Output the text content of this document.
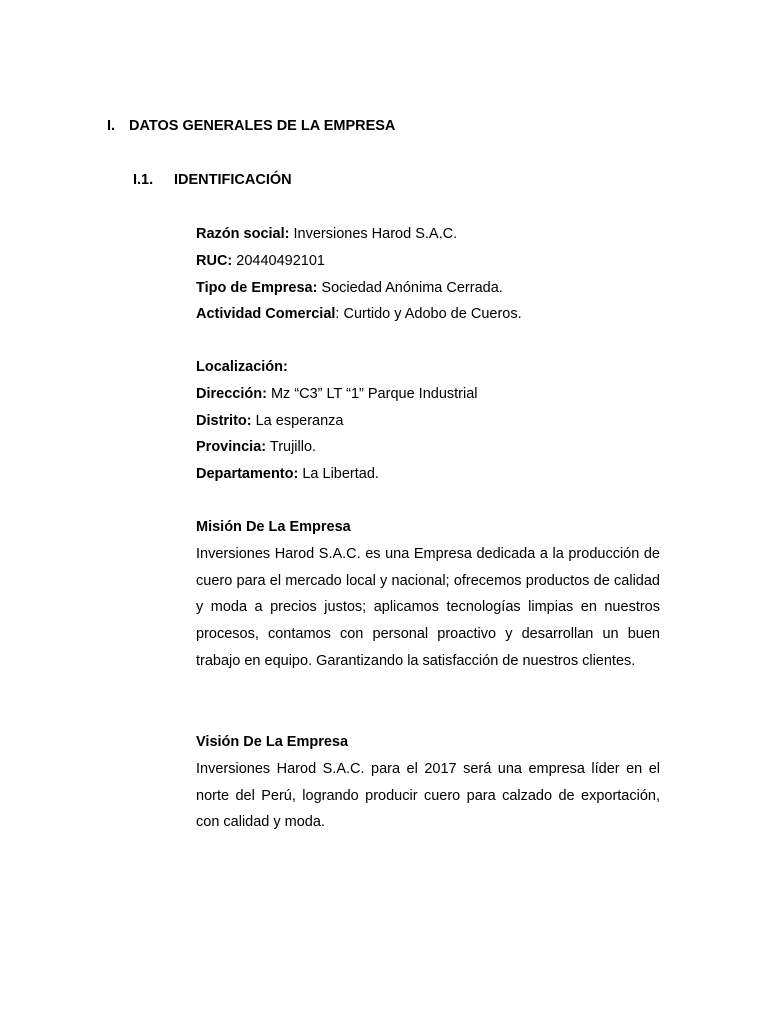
I. DATOS GENERALES DE LA EMPRESA
I.1. IDENTIFICACIÓN
Razón social: Inversiones Harod S.A.C.
RUC: 20440492101
Tipo de Empresa: Sociedad Anónima Cerrada.
Actividad Comercial: Curtido y Adobo de Cueros.
Localización:
Dirección: Mz “C3” LT “1” Parque Industrial
Distrito: La esperanza
Provincia: Trujillo.
Departamento: La Libertad.
Misión De La Empresa
Inversiones Harod S.A.C. es una Empresa dedicada a la producción de cuero para el mercado local y nacional; ofrecemos productos de calidad y moda a precios justos; aplicamos tecnologías limpias en nuestros procesos, contamos con personal proactivo y desarrollan un buen trabajo en equipo. Garantizando la satisfacción de nuestros clientes.
Visión De La Empresa
Inversiones Harod S.A.C. para el 2017 será una empresa líder en el norte del Perú, logrando producir cuero para calzado de exportación, con calidad y moda.
